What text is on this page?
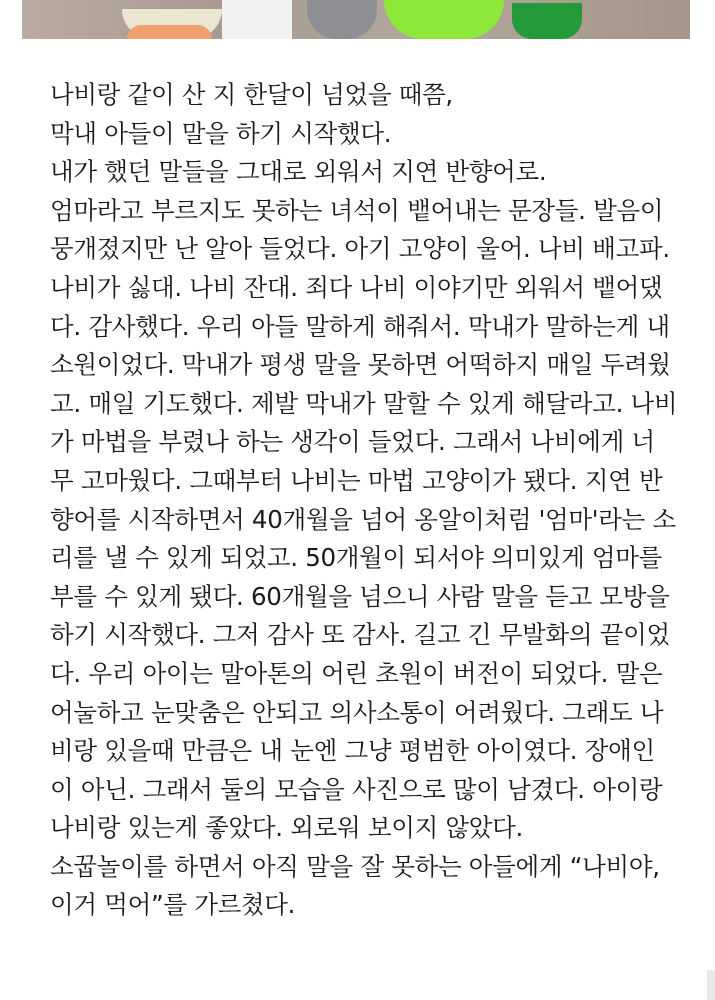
나비랑 같이 산 지 한달이 넘었을 때쯤,
막내 아들이 말을 하기 시작했다.
내가 했던 말들을 그대로 외워서 지연 반향어로.
엄마라고 부르지도 못하는 녀석이 뱉어내는 문장들. 발음이
뭉개졌지만 난 알아 들었다. 아기 고양이 울어. 나비 배고파.
나비가 싫대. 나비 잔대. 죄다 나비 이야기만 외워서 뱉어댔
다. 감사했다. 우리 아들 말하게 해줘서. 막내가 말하는게 내
소원이었다. 막내가 평생 말을 못하면 어떡하지 매일 두려웠
고. 매일 기도했다. 제발 막내가 말할 수 있게 해달라고. 나비
가 마법을 부렸나 하는 생각이 들었다. 그래서 나비에게 너
무 고마웠다. 그때부터 나비는 마법 고양이가 됐다. 지연 반
향어를 시작하면서 40개월을 넘어 옹알이처럼 '엄마'라는 소
리를 낼 수 있게 되었고. 50개월이 되서야 의미있게 엄마를
부를 수 있게 됐다. 60개월을 넘으니 사람 말을 듣고 모방을
하기 시작했다. 그저 감사 또 감사. 길고 긴 무발화의 끝이었
다. 우리 아이는 말아톤의 어린 초원이 버전이 되었다. 말은
어눌하고 눈맞춤은 안되고 의사소통이 어려웠다. 그래도 나
비랑 있을때 만큼은 내 눈엔 그냥 평범한 아이였다. 장애인
이 아닌. 그래서 둘의 모습을 사진으로 많이 남겼다. 아이랑
나비랑 있는게 좋았다. 외로워 보이지 않았다.
소꿉놀이를 하면서 아직 말을 잘 못하는 아들에게 “나비야,
이거 먹어”를 가르쳤다.
